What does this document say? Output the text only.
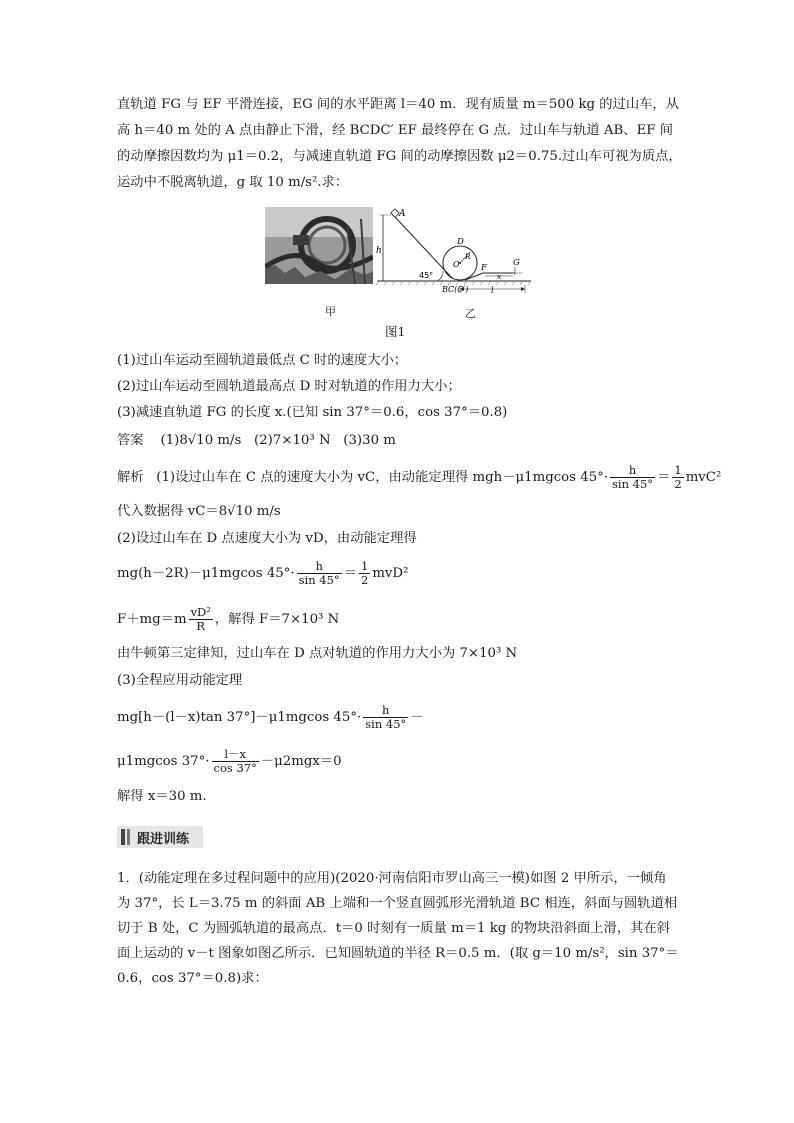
直轨道 FG 与 EF 平滑连接，EG 间的水平距离 l＝40 m．现有质量 m＝500 kg 的过山车，从
高 h＝40 m 处的 A 点由静止下滑，经 BCDC′ EF 最终停在 G 点．过山车与轨道 AB、EF 间
的动摩擦因数均为 μ1＝0.2，与减速直轨道 FG 间的动摩擦因数 μ2＝0.75.过山车可视为质点，
运动中不脱离轨道，g 取 10 m/s².求：
A
h
D
O
R
F	G
x
45°
BC(C′)	l
甲	乙
图1
(1)过山车运动至圆轨道最低点 C 时的速度大小；
(2)过山车运动至圆轨道最高点 D 时对轨道的作用力大小；
(3)减速直轨道 FG 的长度 x.(已知 sin 37°＝0.6，cos 37°＝0.8)
答案 (1)8√10 m/s (2)7×10³ N (3)30 m
解析 (1)设过山车在 C 点的速度大小为 vC，由动能定理得 mgh－μ1mgcos $45^\circ\cdot \frac{h}{\sin 45^\circ} = \frac{1}{2} mvC^2$
代入数据得 vC＝8√10 m/s
(2)设过山车在 D 点速度大小为 vD，由动能定理得
mg(h－2R)－μ1mgcos $45^\circ\cdot \frac{h}{\sin 45^\circ} = \frac{1}{2} mvD^2$
$F+mg=m \frac{\text{vD²}}{R}$ ，解得 F＝7×10³ N
由牛顿第三定律知，过山车在 D 点对轨道的作用力大小为 7×10³ N
(3)全程应用动能定理
mg[h－(l－x)tan 37°]－μ1mgcos $45^\circ\cdot \frac{h}{\sin 45^\circ}$ －
μ1mgcos $37^\circ\cdot \frac{l-x}{\cos 37^\circ} -\mu 2mgx=0$
解得 x＝30 m.
跟进训练
1．(动能定理在多过程问题中的应用)(2020·河南信阳市罗山高三一模)如图 2 甲所示，一倾角
为 37°，长 L＝3.75 m 的斜面 AB 上端和一个竖直圆弧形光滑轨道 BC 相连，斜面与圆轨道相
切于 B 处，C 为圆弧轨道的最高点．t＝0 时刻有一质量 m＝1 kg 的物块沿斜面上滑，其在斜
面上运动的 v－t 图象如图乙所示．已知圆轨道的半径 R＝0.5 m．(取 g＝10 m/s²，sin 37°＝
0.6，cos 37°＝0.8)求：
